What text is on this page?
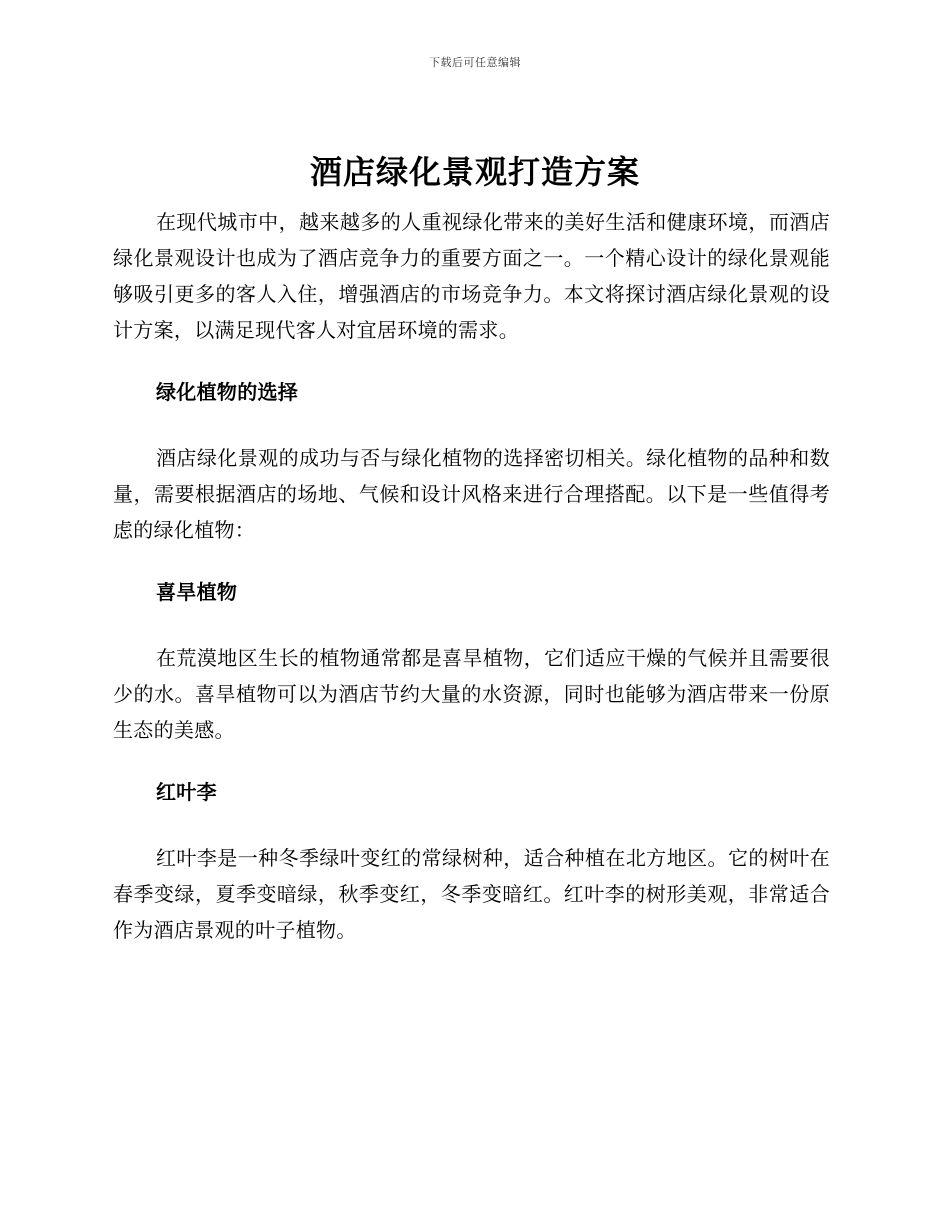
下载后可任意编辑
酒店绿化景观打造方案

在现代城市中，越来越多的人重视绿化带来的美好生活和健康环境，而酒店绿化景观设计也成为了酒店竞争力的重要方面之一。一个精心设计的绿化景观能够吸引更多的客人入住，增强酒店的市场竞争力。本文将探讨酒店绿化景观的设计方案，以满足现代客人对宜居环境的需求。

绿化植物的选择

酒店绿化景观的成功与否与绿化植物的选择密切相关。绿化植物的品种和数量，需要根据酒店的场地、气候和设计风格来进行合理搭配。以下是一些值得考虑的绿化植物：

喜旱植物

在荒漠地区生长的植物通常都是喜旱植物，它们适应干燥的气候并且需要很少的水。喜旱植物可以为酒店节约大量的水资源，同时也能够为酒店带来一份原生态的美感。

红叶李

红叶李是一种冬季绿叶变红的常绿树种，适合种植在北方地区。它的树叶在春季变绿，夏季变暗绿，秋季变红，冬季变暗红。红叶李的树形美观，非常适合作为酒店景观的叶子植物。
